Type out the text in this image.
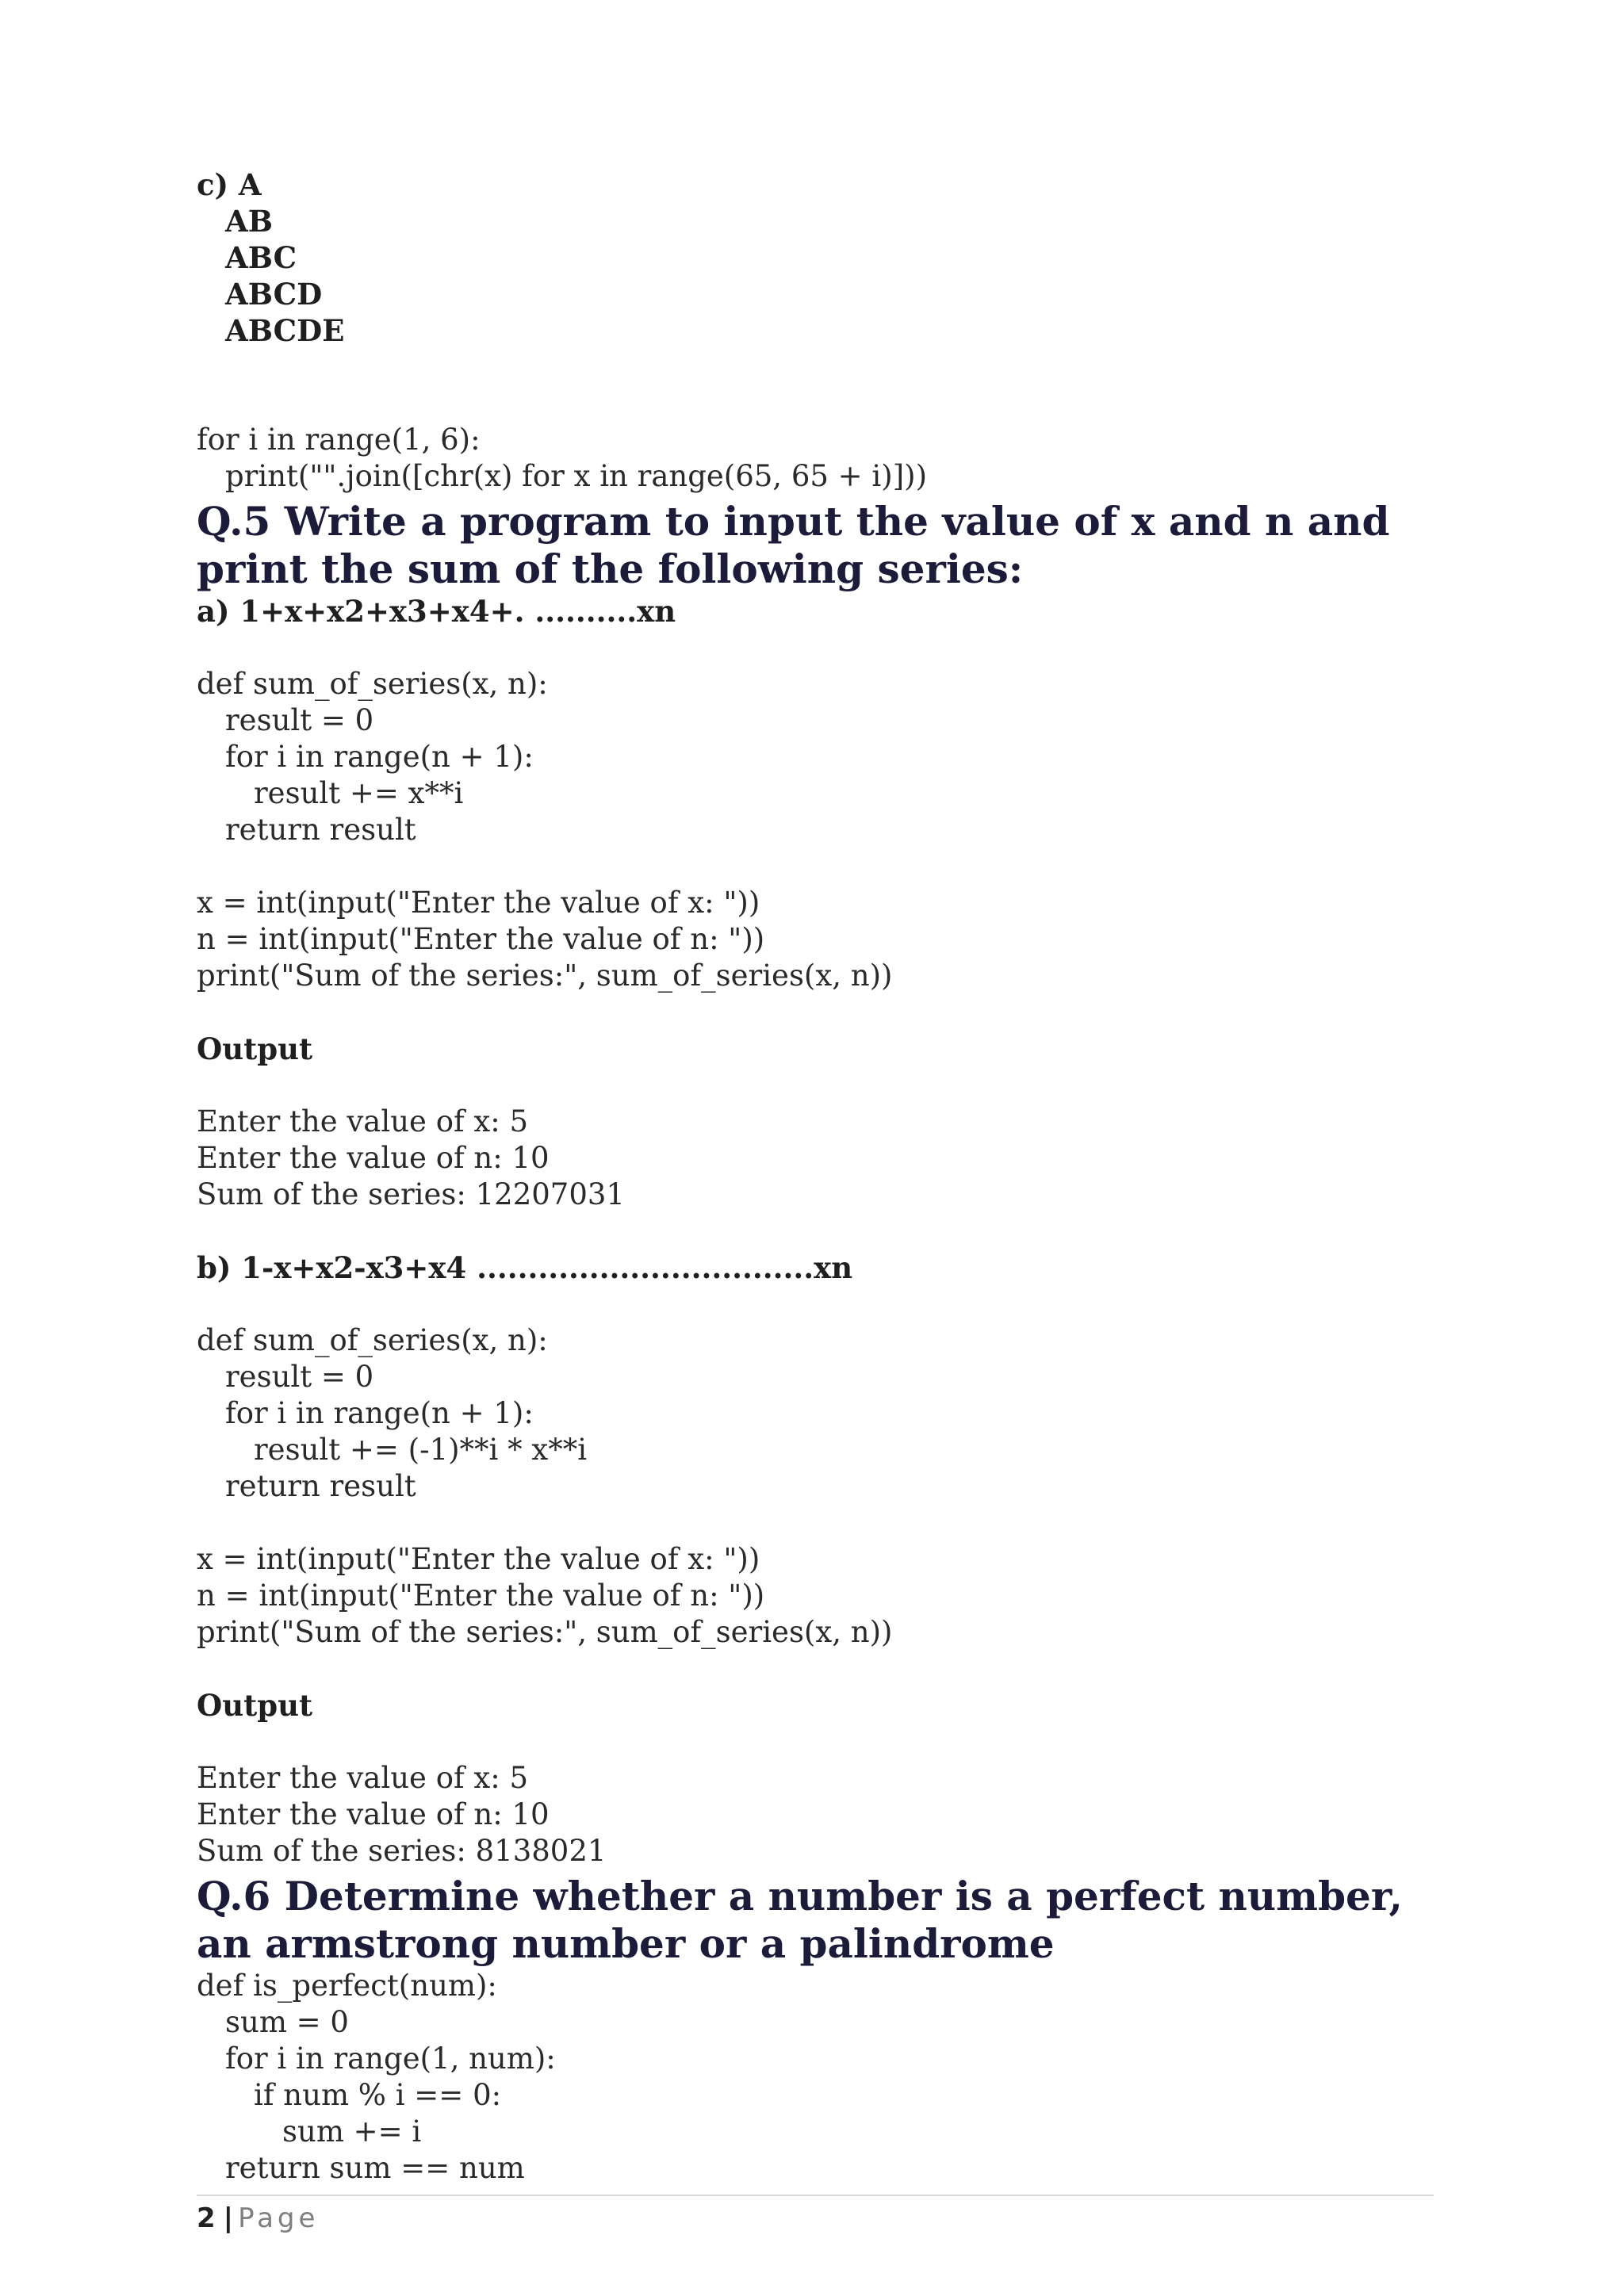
c) A
AB
ABC
ABCD
ABCDE
for i in range(1, 6):
print("".join([chr(x) for x in range(65, 65 + i)]))
Q.5 Write a program to input the value of x and n and print the sum of the following series:
a) 1+x+x2+x3+x4+. ..........xn
def sum_of_series(x, n):
result = 0
for i in range(n + 1):
result += x**i
return result
x = int(input("Enter the value of x: "))
n = int(input("Enter the value of n: "))
print("Sum of the series:", sum_of_series(x, n))
Output
Enter the value of x: 5
Enter the value of n: 10
Sum of the series: 12207031
b) 1-x+x2-x3+x4 .................................xn
def sum_of_series(x, n):
result = 0
for i in range(n + 1):
result += (-1)**i * x**i
return result
x = int(input("Enter the value of x: "))
n = int(input("Enter the value of n: "))
print("Sum of the series:", sum_of_series(x, n))
Output
Enter the value of x: 5
Enter the value of n: 10
Sum of the series: 8138021
Q.6 Determine whether a number is a perfect number, an armstrong number or a palindrome
def is_perfect(num):
sum = 0
for i in range(1, num):
if num % i == 0:
sum += i
return sum == num
2 | Page
